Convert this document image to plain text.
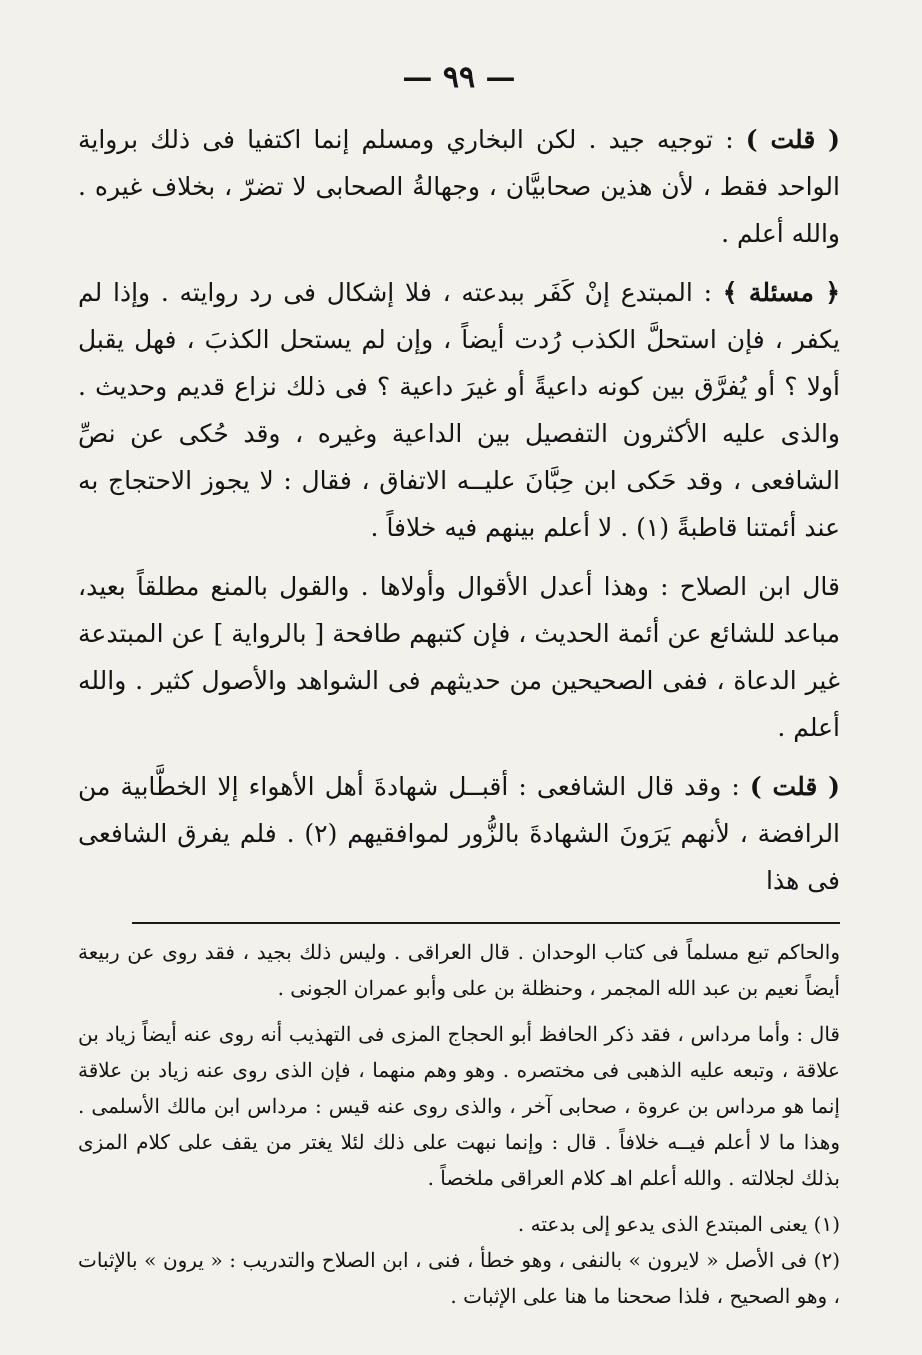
— ٩٩ —

( قلت ) : توجيه جيد . لكن البخاري ومسلم إنما اكتفيا فى ذلك برواية الواحد فقط ، لأن هذين صحابيَّان ، وجهالةُ الصحابى لا تضرّ ، بخلاف غيره . والله أعلم .

﴿ مسئلة ﴾ : المبتدع إنْ كَفَر ببدعته ، فلا إشكال فى رد روايته . وإذا لم يكفر ، فإن استحلَّ الكذب رُدت أيضاً ، وإن لم يستحل الكذبَ ، فهل يقبل أولا ؟ أو يُفرَّق بين كونه داعيةً أو غيرَ داعية ؟ فى ذلك نزاع قديم وحديث . والذى عليه الأكثرون التفصيل بين الداعية وغيره ، وقد حُكى عن نصِّ الشافعى ، وقد حَكى ابن حِبَّانَ عليــه الاتفاق ، فقال : لا يجوز الاحتجاج به عند أئمتنا قاطبةً (١) . لا أعلم بينهم فيه خلافاً .

قال ابن الصلاح : وهذا أعدل الأقوال وأولاها . والقول بالمنع مطلقاً بعيد، مباعد للشائع عن أئمة الحديث ، فإن كتبهم طافحة [ بالرواية ] عن المبتدعة غير الدعاة ، ففى الصحيحين من حديثهم فى الشواهد والأصول كثير . والله أعلم .

( قلت ) : وقد قال الشافعى : أقبــل شهادةَ أهل الأهواء إلا الخطَّابية من الرافضة ، لأنهم يَرَونَ الشهادةَ بالزُّور لموافقيهم (٢) . فلم يفرق الشافعى فى هذا

والحاكم تبع مسلماً فى كتاب الوحدان . قال العراقى . وليس ذلك بجيد ، فقد روى عن ربيعة أيضاً نعيم بن عبد الله المجمر ، وحنظلة بن على وأبو عمران الجونى .

قال : وأما مرداس ، فقد ذكر الحافظ أبو الحجاج المزى فى التهذيب أنه روى عنه أيضاً زياد بن علاقة ، وتبعه عليه الذهبى فى مختصره . وهو وهم منهما ، فإن الذى روى عنه زياد بن علاقة إنما هو مرداس بن عروة ، صحابى آخر ، والذى روى عنه قيس : مرداس ابن مالك الأسلمى . وهذا ما لا أعلم فيــه خلافاً . قال : وإنما نبهت على ذلك لئلا يغتر من يقف على كلام المزى بذلك لجلالته . والله أعلم اهـ كلام العراقى ملخصاً .

(١) يعنى المبتدع الذى يدعو إلى بدعته .

(٢) فى الأصل « لايرون » بالنفى ، وهو خطأ ، فنى ، ابن الصلاح والتدريب : « يرون » بالإثبات ، وهو الصحيح ، فلذا صححنا ما هنا على الإثبات .
